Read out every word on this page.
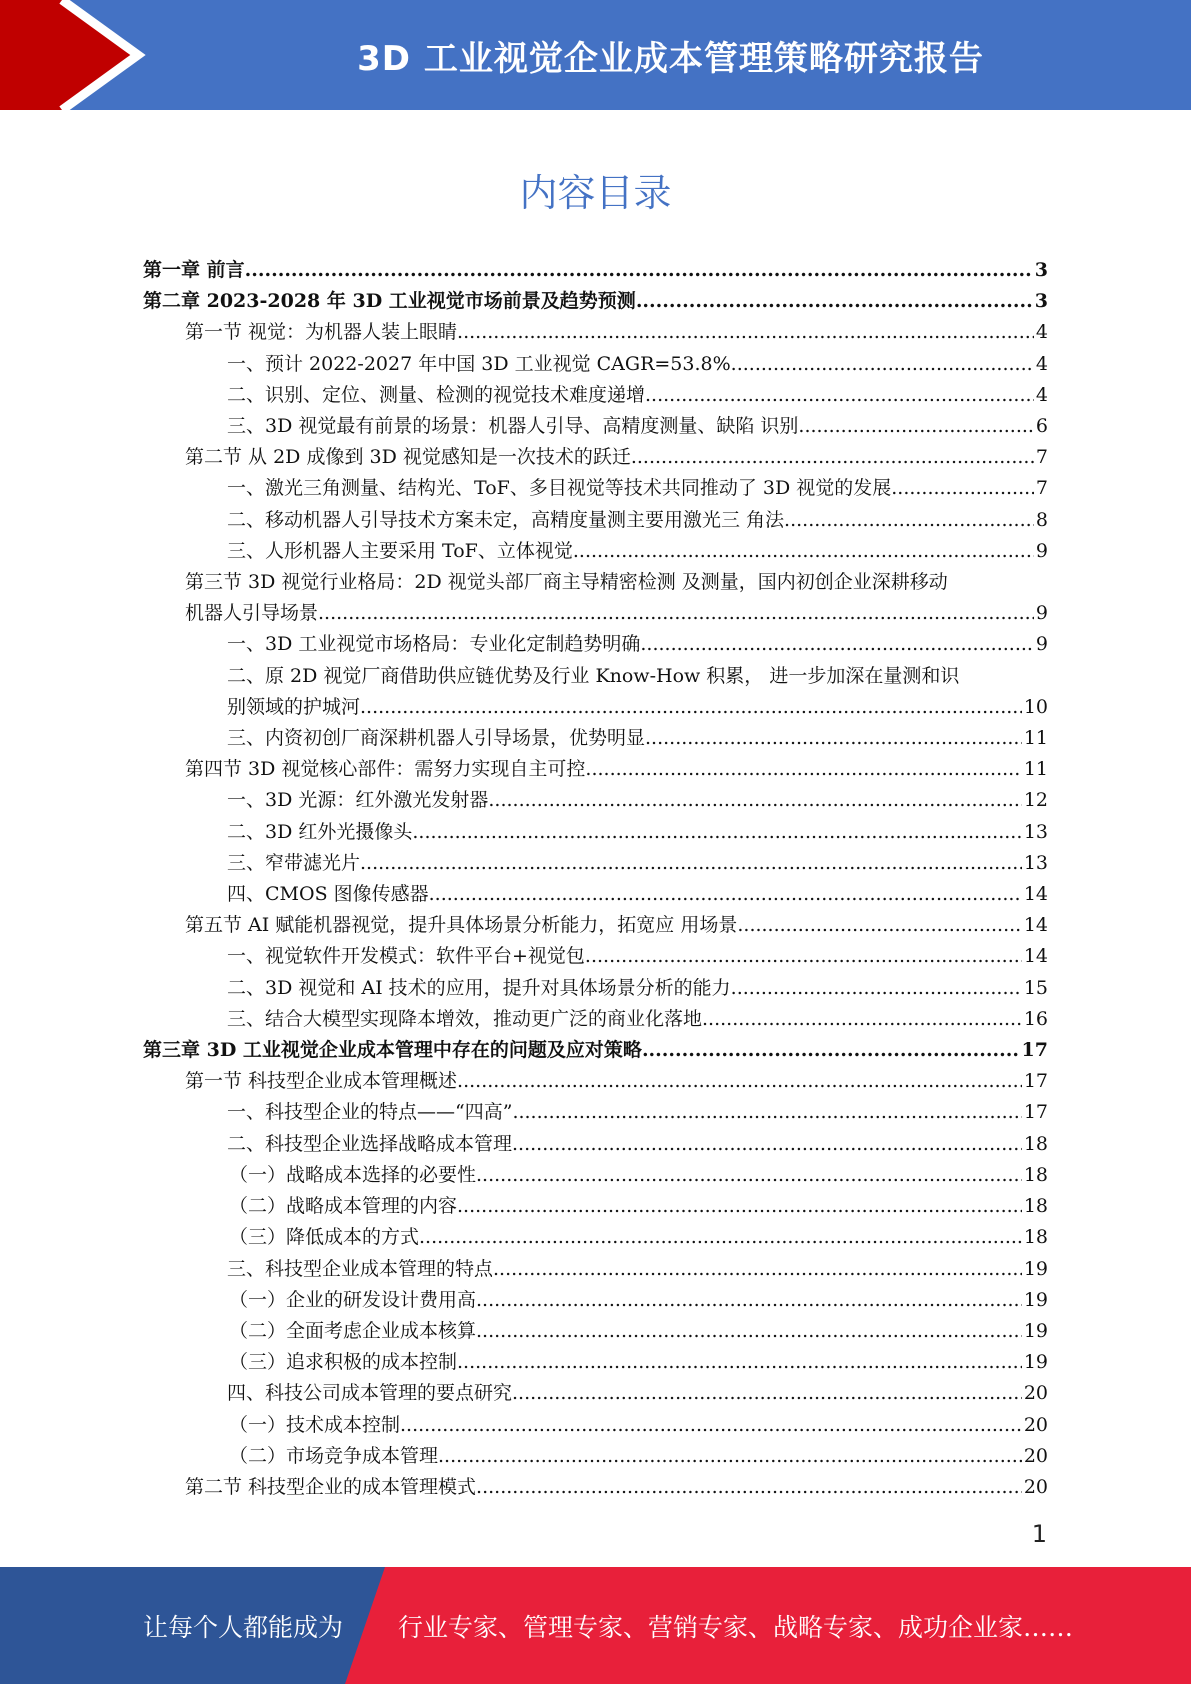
3D 工业视觉企业成本管理策略研究报告
内容目录
第一章 前言 .....	3
第二章 2023-2028 年 3D 工业视觉市场前景及趋势预测 .....	3
第一节 视觉：为机器人装上眼睛 .....	4
一、预计 2022-2027 年中国 3D 工业视觉 CAGR=53.8% .....	4
二、识别、定位、测量、检测的视觉技术难度递增 .....	4
三、3D 视觉最有前景的场景：机器人引导、高精度测量、缺陷 识别 .....	6
第二节 从 2D 成像到 3D 视觉感知是一次技术的跃迁 .....	7
一、激光三角测量、结构光、ToF、多目视觉等技术共同推动了 3D 视觉的发展 .....	7
二、移动机器人引导技术方案未定，高精度量测主要用激光三 角法 .....	8
三、人形机器人主要采用 ToF、立体视觉 .....	9
第三节 3D 视觉行业格局：2D 视觉头部厂商主导精密检测 及测量，国内初创企业深耕移动
机器人引导场景 .....	9
一、3D 工业视觉市场格局：专业化定制趋势明确 .....	9
二、原 2D 视觉厂商借助供应链优势及行业 Know-How 积累， 进一步加深在量测和识
别领域的护城河 .....	10
三、内资初创厂商深耕机器人引导场景，优势明显 .....	11
第四节 3D 视觉核心部件：需努力实现自主可控 .....	11
一、3D 光源：红外激光发射器 .....	12
二、3D 红外光摄像头 .....	13
三、窄带滤光片 .....	13
四、CMOS 图像传感器 .....	14
第五节 AI 赋能机器视觉，提升具体场景分析能力，拓宽应 用场景 .....	14
一、视觉软件开发模式：软件平台+视觉包 .....	14
二、3D 视觉和 AI 技术的应用，提升对具体场景分析的能力 .....	15
三、结合大模型实现降本增效，推动更广泛的商业化落地 .....	16
第三章 3D 工业视觉企业成本管理中存在的问题及应对策略 .....	17
第一节 科技型企业成本管理概述 .....	17
一、科技型企业的特点——“四高” .....	17
二、科技型企业选择战略成本管理 .....	18
（一）战略成本选择的必要性 .....	18
（二）战略成本管理的内容 .....	18
（三）降低成本的方式 .....	18
三、科技型企业成本管理的特点 .....	19
（一）企业的研发设计费用高 .....	19
（二）全面考虑企业成本核算 .....	19
（三）追求积极的成本控制 .....	19
四、科技公司成本管理的要点研究 .....	20
（一）技术成本控制 .....	20
（二）市场竞争成本管理 .....	20
第二节 科技型企业的成本管理模式 .....	20
1
让每个人都能成为 行业专家、管理专家、营销专家、战略专家、成功企业家……
